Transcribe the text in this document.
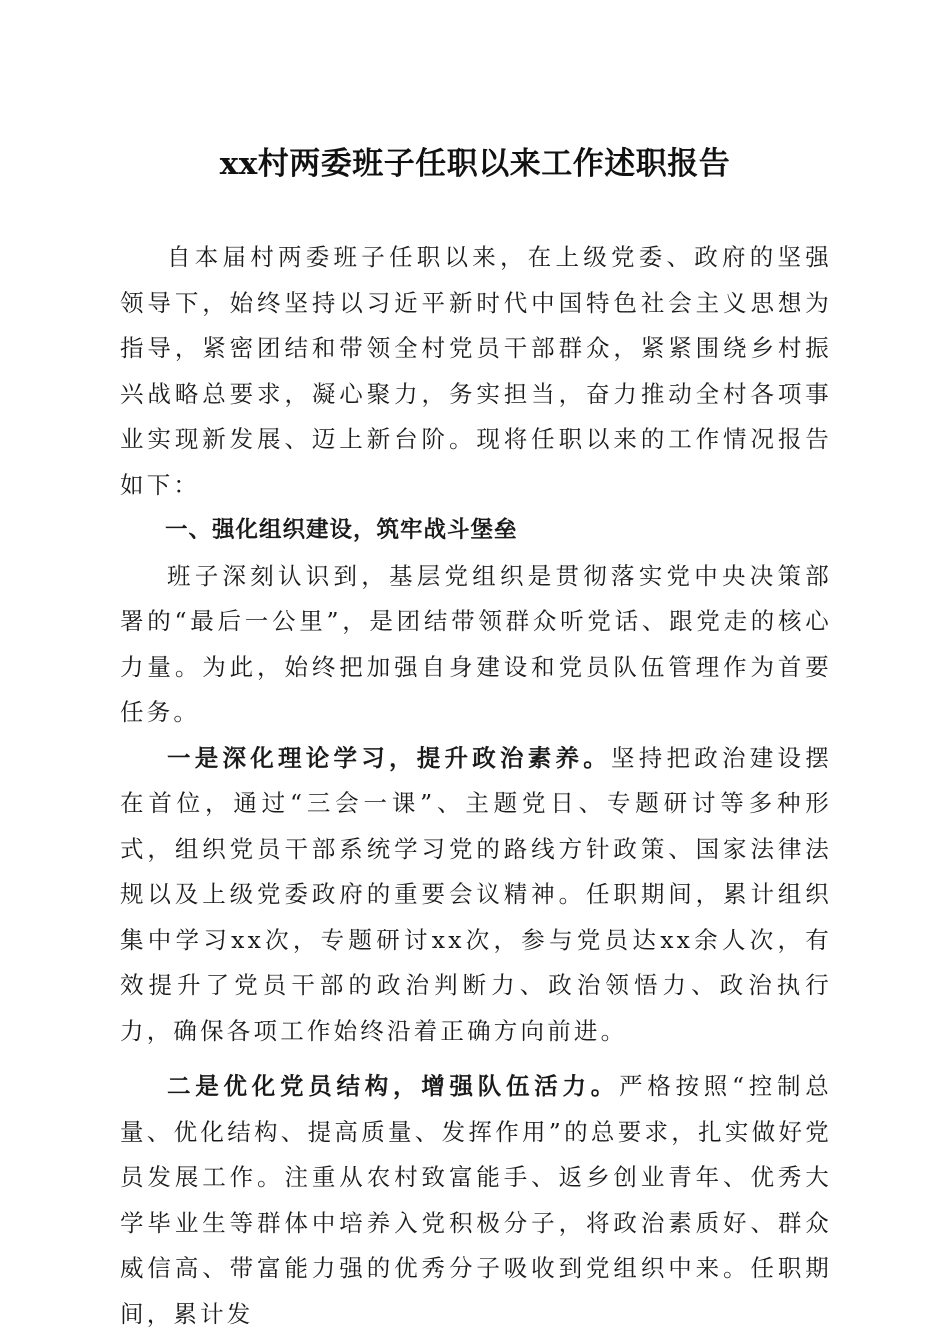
xx村两委班子任职以来工作述职报告

自本届村两委班子任职以来，在上级党委、政府的坚强领导下，始终坚持以习近平新时代中国特色社会主义思想为指导，紧密团结和带领全村党员干部群众，紧紧围绕乡村振兴战略总要求，凝心聚力，务实担当，奋力推动全村各项事业实现新发展、迈上新台阶。现将任职以来的工作情况报告如下：

一、强化组织建设，筑牢战斗堡垒

班子深刻认识到，基层党组织是贯彻落实党中央决策部署的“最后一公里”，是团结带领群众听党话、跟党走的核心力量。为此，始终把加强自身建设和党员队伍管理作为首要任务。

一是深化理论学习，提升政治素养。坚持把政治建设摆在首位，通过“三会一课”、主题党日、专题研讨等多种形式，组织党员干部系统学习党的路线方针政策、国家法律法规以及上级党委政府的重要会议精神。任职期间，累计组织集中学习xx次，专题研讨xx次，参与党员达xx余人次，有效提升了党员干部的政治判断力、政治领悟力、政治执行力，确保各项工作始终沿着正确方向前进。

二是优化党员结构，增强队伍活力。严格按照“控制总量、优化结构、提高质量、发挥作用”的总要求，扎实做好党员发展工作。注重从农村致富能手、返乡创业青年、优秀大学毕业生等群体中培养入党积极分子，将政治素质好、群众威信高、带富能力强的优秀分子吸收到党组织中来。任职期间，累计发
